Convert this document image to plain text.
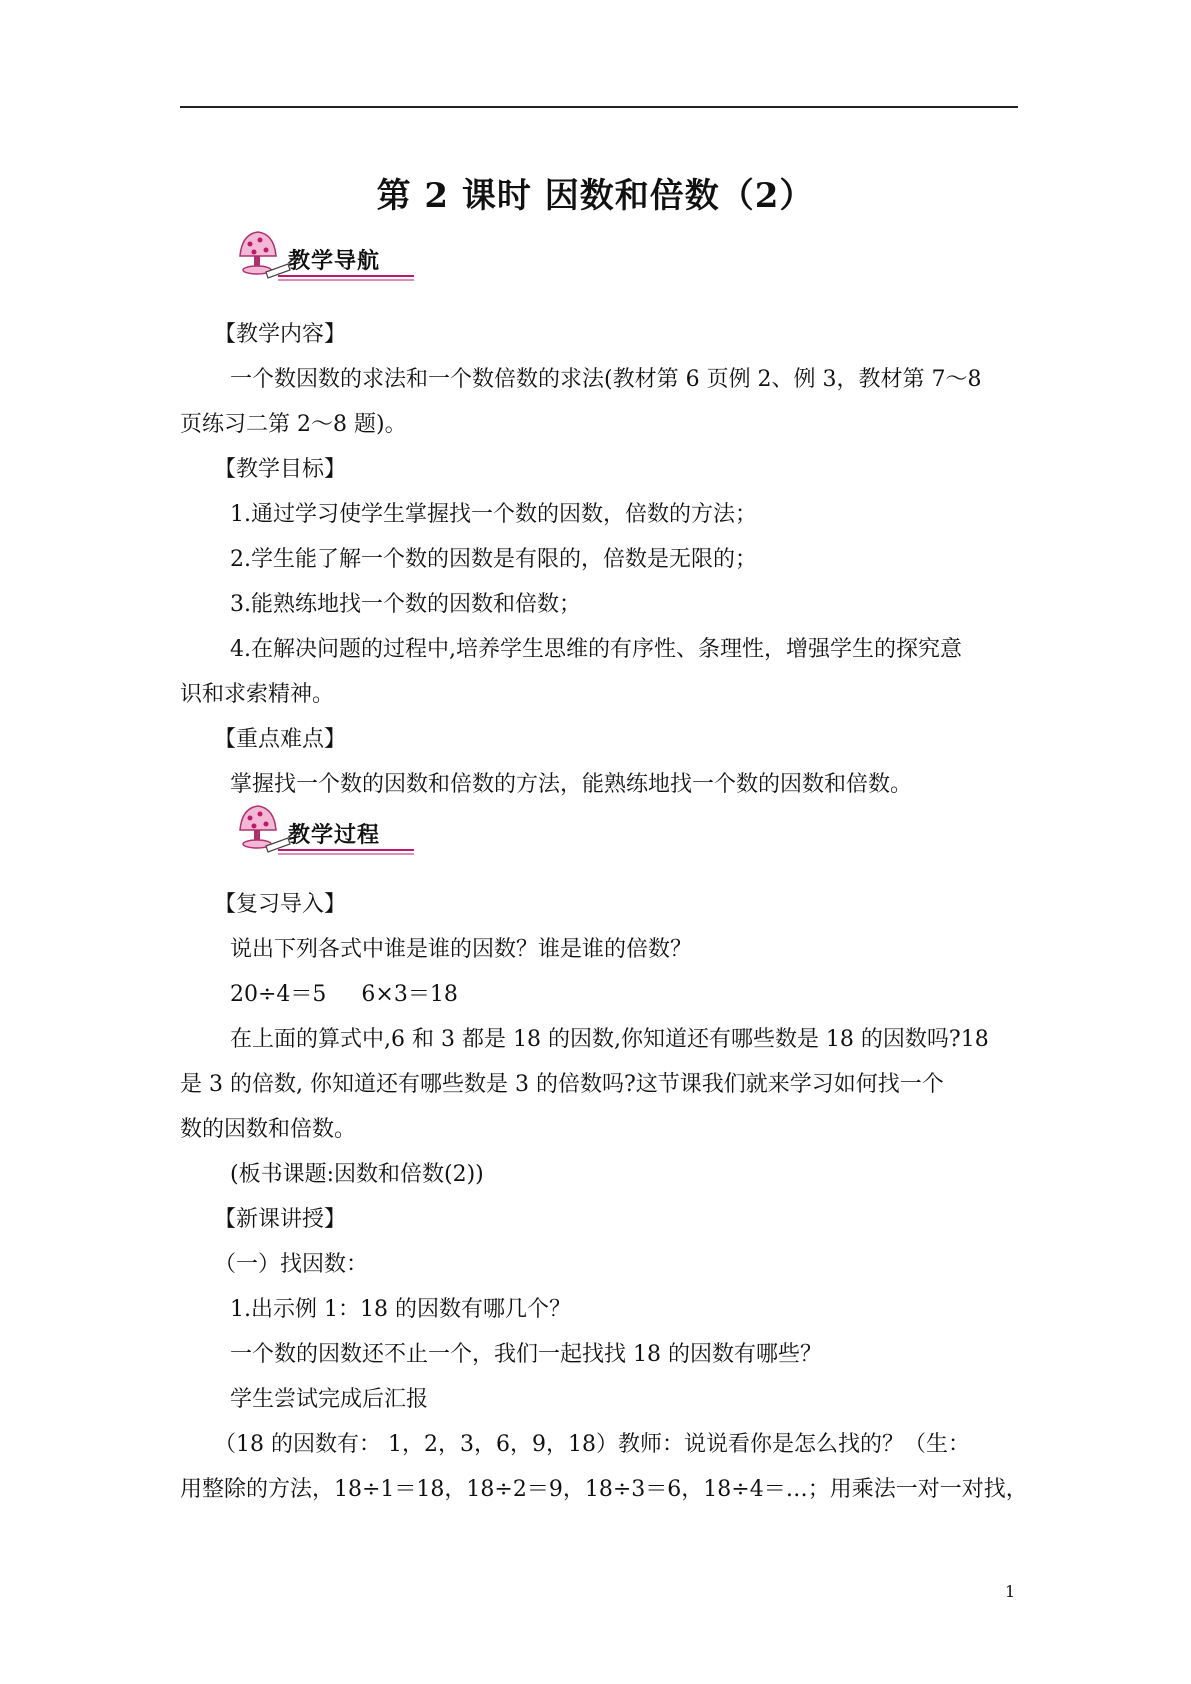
第 2 课时 因数和倍数（2）
教学导航
【教学内容】
一个数因数的求法和一个数倍数的求法(教材第 6 页例 2、例 3，教材第 7～8
页练习二第 2～8 题)。
【教学目标】
1.通过学习使学生掌握找一个数的因数，倍数的方法；
2.学生能了解一个数的因数是有限的，倍数是无限的；
3.能熟练地找一个数的因数和倍数；
4.在解决问题的过程中,培养学生思维的有序性、条理性，增强学生的探究意
识和求索精神。
【重点难点】
掌握找一个数的因数和倍数的方法，能熟练地找一个数的因数和倍数。
教学过程
【复习导入】
说出下列各式中谁是谁的因数？谁是谁的倍数？
20÷4＝5     6×3＝18
在上面的算式中,6 和 3 都是 18 的因数,你知道还有哪些数是 18 的因数吗?18
是 3 的倍数, 你知道还有哪些数是 3 的倍数吗?这节课我们就来学习如何找一个
数的因数和倍数。
(板书课题:因数和倍数(2))
【新课讲授】
（一）找因数：
1.出示例 1：18 的因数有哪几个？
一个数的因数还不止一个，我们一起找找 18 的因数有哪些？
学生尝试完成后汇报
（18 的因数有： 1，2，3，6，9，18）教师：说说看你是怎么找的？（生：
用整除的方法，18÷1＝18，18÷2＝9，18÷3＝6，18÷4＝…；用乘法一对一对找，
1
